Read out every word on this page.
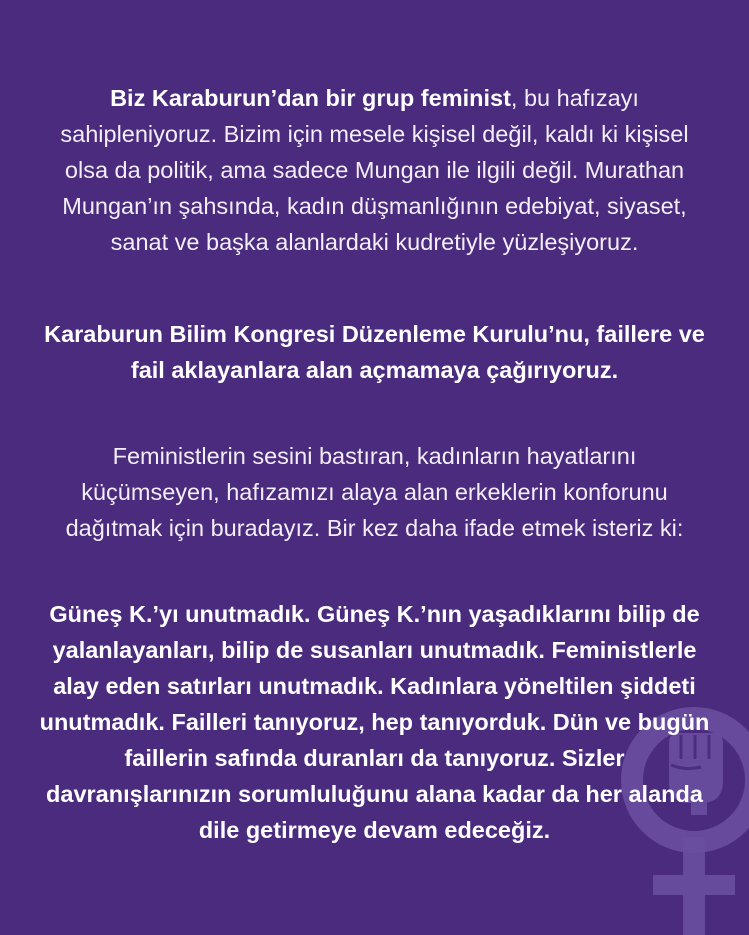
Biz Karaburun’dan bir grup feminist, bu hafızayı
sahipleniyoruz. Bizim için mesele kişisel değil, kaldı ki kişisel
olsa da politik, ama sadece Mungan ile ilgili değil. Murathan
Mungan’ın şahsında, kadın düşmanlığının edebiyat, siyaset,
sanat ve başka alanlardaki kudretiyle yüzleşiyoruz.
Karaburun Bilim Kongresi Düzenleme Kurulu’nu, faillere ve
fail aklayanlara alan açmamaya çağırıyoruz.
Feministlerin sesini bastıran, kadınların hayatlarını
küçümseyen, hafızamızı alaya alan erkeklerin konforunu
dağıtmak için buradayız. Bir kez daha ifade etmek isteriz ki:
Güneş K.’yı unutmadık. Güneş K.’nın yaşadıklarını bilip de
yalanlayanları, bilip de susanları unutmadık. Feministlerle
alay eden satırları unutmadık. Kadınlara yöneltilen şiddeti
unutmadık. Failleri tanıyoruz, hep tanıyorduk. Dün ve bugün
faillerin safında duranları da tanıyoruz. Sizler
davranışlarınızın sorumluluğunu alana kadar da her alanda
dile getirmeye devam edeceğiz.
